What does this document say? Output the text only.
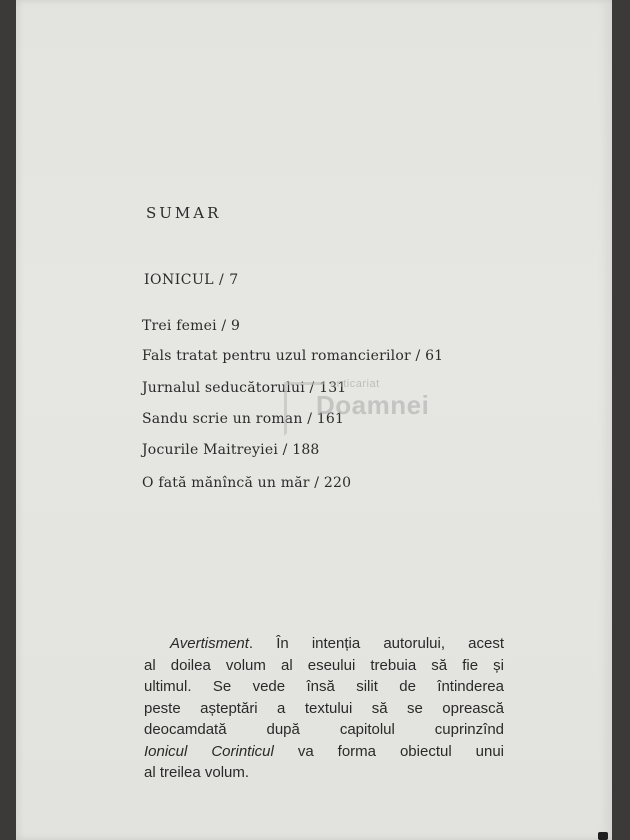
SUMAR
IONICUL / 7
Trei femei / 9
Fals tratat pentru uzul romancierilor / 61
Jurnalul seducătorului / 131
Sandu scrie un roman / 161
Jocurile Maitreyiei / 188
O fată mănîncă un măr / 220
Avertisment. În intenția autorului, acest
al doilea volum al eseului trebuia să fie și
ultimul. Se vede însă silit de întinderea
peste așteptări a textului să se oprească
deocamdată după capitolul cuprinzînd
Ionicul Corinticul va forma obiectul unui
al treilea volum.
anticariat
Doamnei
